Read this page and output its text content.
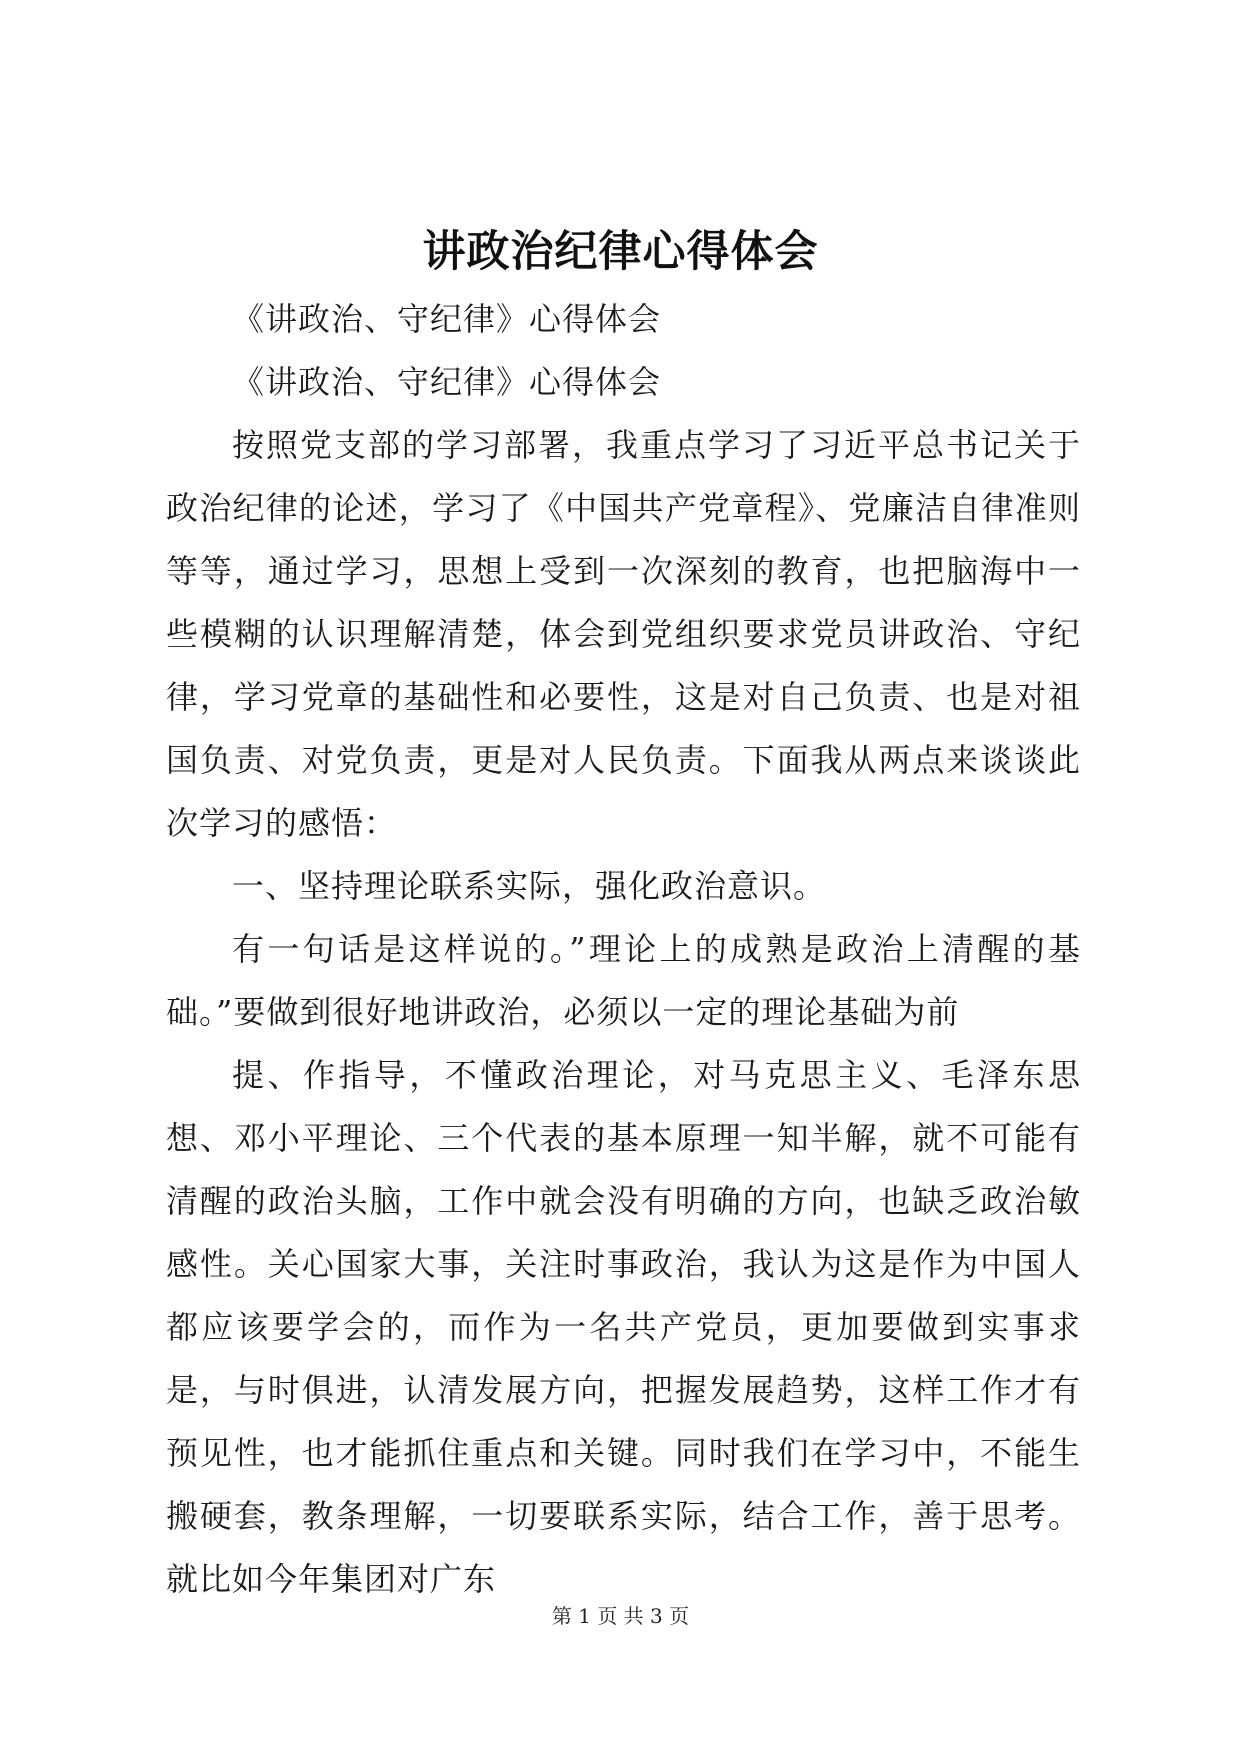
讲政治纪律心得体会

《讲政治、守纪律》心得体会

《讲政治、守纪律》心得体会

按照党支部的学习部署，我重点学习了习近平总书记关于政治纪律的论述，学习了《中国共产党章程》、党廉洁自律准则等等，通过学习，思想上受到一次深刻的教育，也把脑海中一些模糊的认识理解清楚，体会到党组织要求党员讲政治、守纪律，学习党章的基础性和必要性，这是对自己负责、也是对祖国负责、对党负责，更是对人民负责。下面我从两点来谈谈此次学习的感悟：

一、坚持理论联系实际，强化政治意识。

有一句话是这样说的。”理论上的成熟是政治上清醒的基础。”要做到很好地讲政治，必须以一定的理论基础为前

提、作指导，不懂政治理论，对马克思主义、毛泽东思想、邓小平理论、三个代表的基本原理一知半解，就不可能有清醒的政治头脑，工作中就会没有明确的方向，也缺乏政治敏感性。关心国家大事，关注时事政治，我认为这是作为中国人都应该要学会的，而作为一名共产党员，更加要做到实事求是，与时俱进，认清发展方向，把握发展趋势，这样工作才有预见性，也才能抓住重点和关键。同时我们在学习中，不能生搬硬套，教条理解，一切要联系实际，结合工作，善于思考。就比如今年集团对广东

第 1 页 共 3 页
